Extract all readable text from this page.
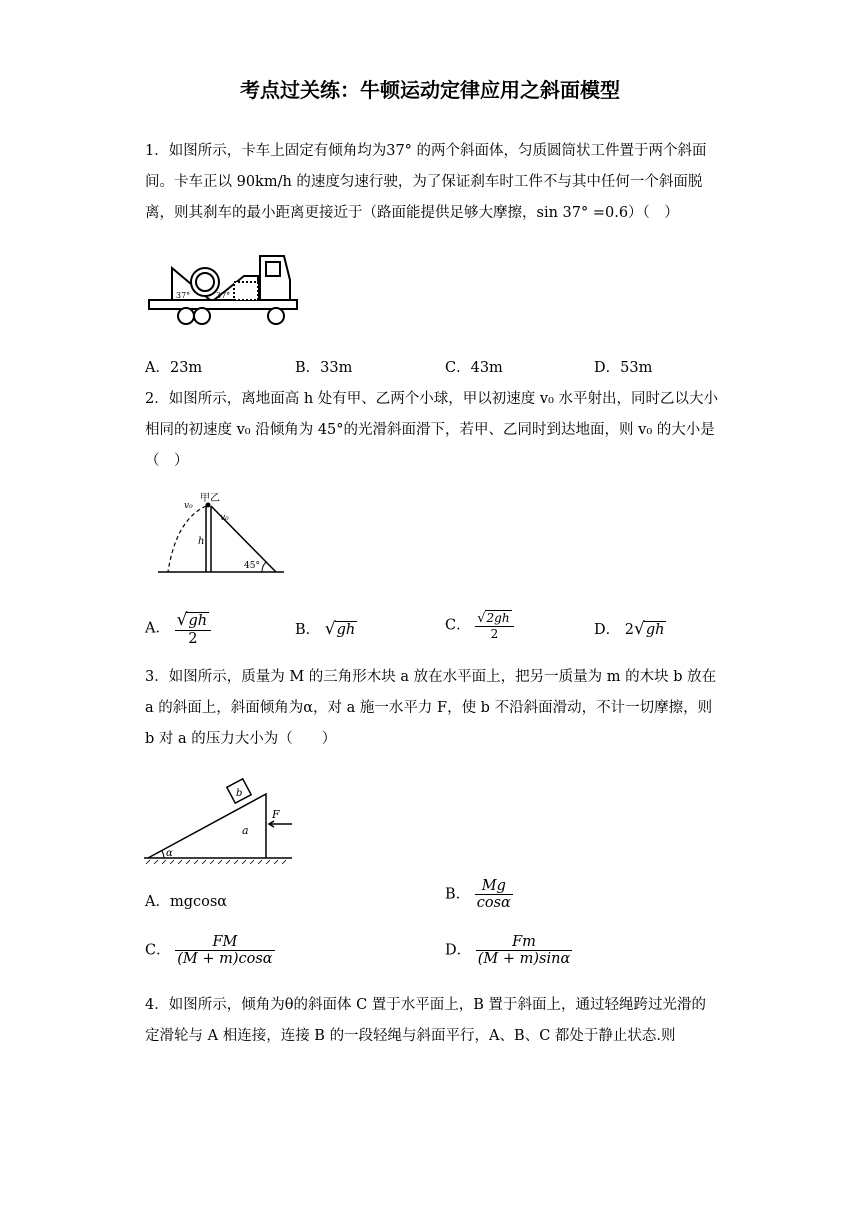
考点过关练：牛顿运动定律应用之斜面模型
1．如图所示，卡车上固定有倾角均为37° 的两个斜面体，匀质圆筒状工件置于两个斜面间。卡车正以 90km/h 的速度匀速行驶，为了保证刹车时工件不与其中任何一个斜面脱离，则其刹车的最小距离更接近于（路面能提供足够大摩擦，sin 37° =0.6）（　）
37°	37°
A．23m	B．33m	C．43m	D．53m
2．如图所示，离地面高 h 处有甲、乙两个小球，甲以初速度 v₀ 水平射出，同时乙以大小相同的初速度 v₀ 沿倾角为 45°的光滑斜面滑下，若甲、乙同时到达地面，则 v₀ 的大小是（　）
甲乙
v₀
v₀
h
45°
A． $\frac{√gh}{2}$	B． √gh	C． $\frac{√2gh}{2}$	D． 2√gh
3．如图所示，质量为 M 的三角形木块 a 放在水平面上，把另一质量为 m 的木块 b 放在 a 的斜面上，斜面倾角为α，对 a 施一水平力 F，使 b 不沿斜面滑动，不计一切摩擦，则 b 对 a 的压力大小为（　　）
b
a
F
α
A．mgcosα	B． $\frac{Mg}{\cos\alpha}$
C． $\frac{FM}{(M + m)\cos\alpha}$	D． $\frac{Fm}{(M + m)\sin\alpha}$
4．如图所示，倾角为θ的斜面体 C 置于水平面上，B 置于斜面上，通过轻绳跨过光滑的定滑轮与 A 相连接，连接 B 的一段轻绳与斜面平行，A、B、C 都处于静止状态.则
